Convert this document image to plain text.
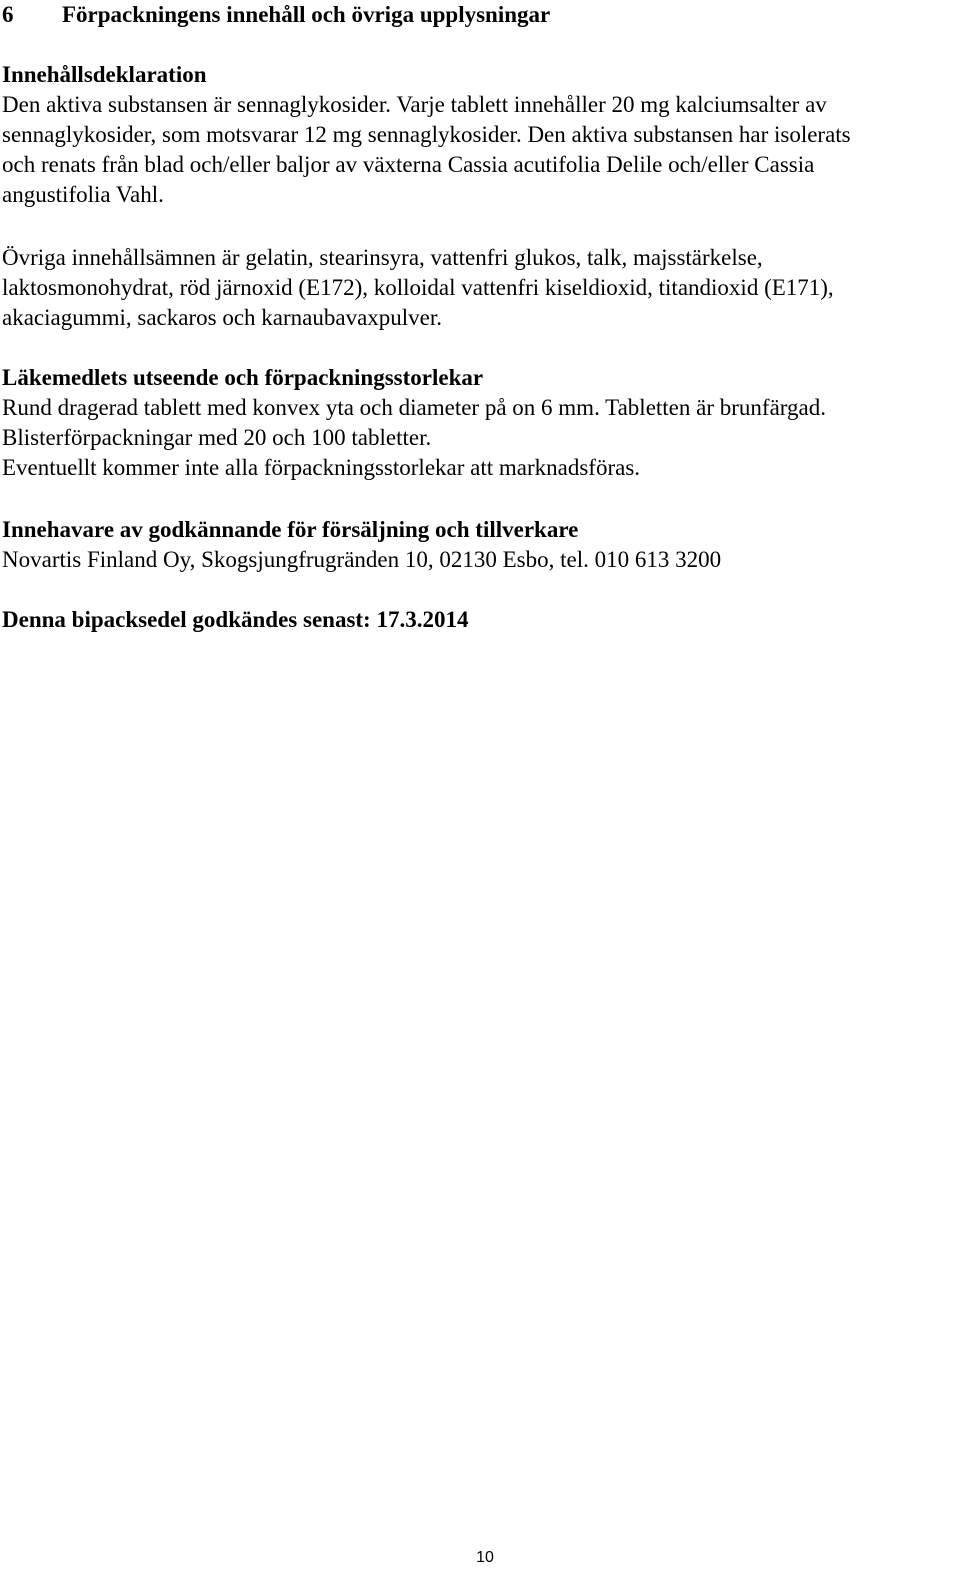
6 Förpackningens innehåll och övriga upplysningar
Innehållsdeklaration
Den aktiva substansen är sennaglykosider. Varje tablett innehåller 20 mg kalciumsalter av
sennaglykosider, som motsvarar 12 mg sennaglykosider. Den aktiva substansen har isolerats
och renats från blad och/eller baljor av växterna Cassia acutifolia Delile och/eller Cassia
angustifolia Vahl.
Övriga innehållsämnen är gelatin, stearinsyra, vattenfri glukos, talk, majsstärkelse,
laktosmonohydrat, röd järnoxid (E172), kolloidal vattenfri kiseldioxid, titandioxid (E171),
akaciagummi, sackaros och karnaubavaxpulver.
Läkemedlets utseende och förpackningsstorlekar
Rund dragerad tablett med konvex yta och diameter på on 6 mm. Tabletten är brunfärgad.
Blisterförpackningar med 20 och 100 tabletter.
Eventuellt kommer inte alla förpackningsstorlekar att marknadsföras.
Innehavare av godkännande för försäljning och tillverkare
Novartis Finland Oy, Skogsjungfrugränden 10, 02130 Esbo, tel. 010 613 3200
Denna bipacksedel godkändes senast: 17.3.2014
10
